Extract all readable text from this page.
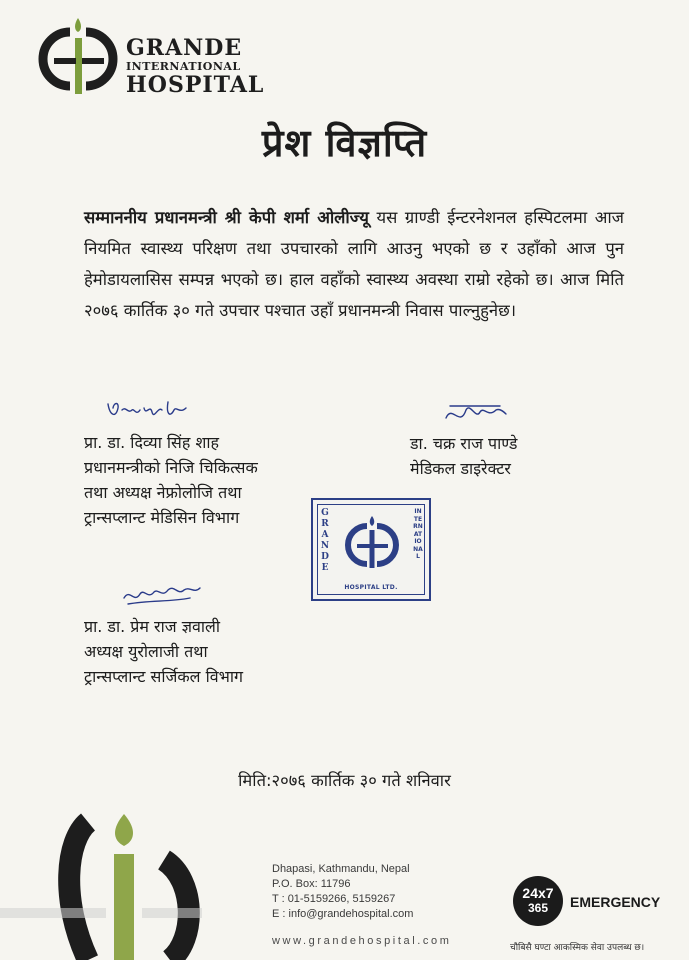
GRANDE
INTERNATIONAL
HOSPITAL
प्रेश विज्ञप्ति
सम्माननीय प्रधानमन्त्री श्री केपी शर्मा ओलीज्यू यस ग्राण्डी ईन्टरनेशनल हस्पिटलमा आज नियमित स्वास्थ्य परिक्षण तथा उपचारको लागि आउनु भएको छ र उहाँको आज पुन हेमोडायलासिस सम्पन्न भएको छ। हाल वहाँको स्वास्थ्य अवस्था राम्रो रहेको छ। आज मिति २०७६ कार्तिक ३० गते उपचार पश्चात उहाँ प्रधानमन्त्री निवास पाल्नुहुनेछ।
प्रा. डा. दिव्या सिंह शाह
प्रधानमन्त्रीको निजि चिकित्सक
तथा अध्यक्ष नेफ्रोलोजि तथा
ट्रान्सप्लान्ट मेडिसिन विभाग
डा. चक्र राज पाण्डे
मेडिकल डाइरेक्टर
प्रा. डा. प्रेम राज ज्ञवाली
अध्यक्ष युरोलाजी तथा
ट्रान्सप्लान्ट सर्जिकल विभाग
GRANDE
INTERNATIONAL
HOSPITAL LTD.
मिति:२०७६ कार्तिक ३० गते शनिवार
Dhapasi, Kathmandu, Nepal
P.O. Box: 11796
T : 01-5159266, 5159267
E : info@grandehospital.com
www.grandehospital.com
24x7
365	EMERGENCY
चौबिसै घण्टा आकस्मिक सेवा उपलब्ध छ।
